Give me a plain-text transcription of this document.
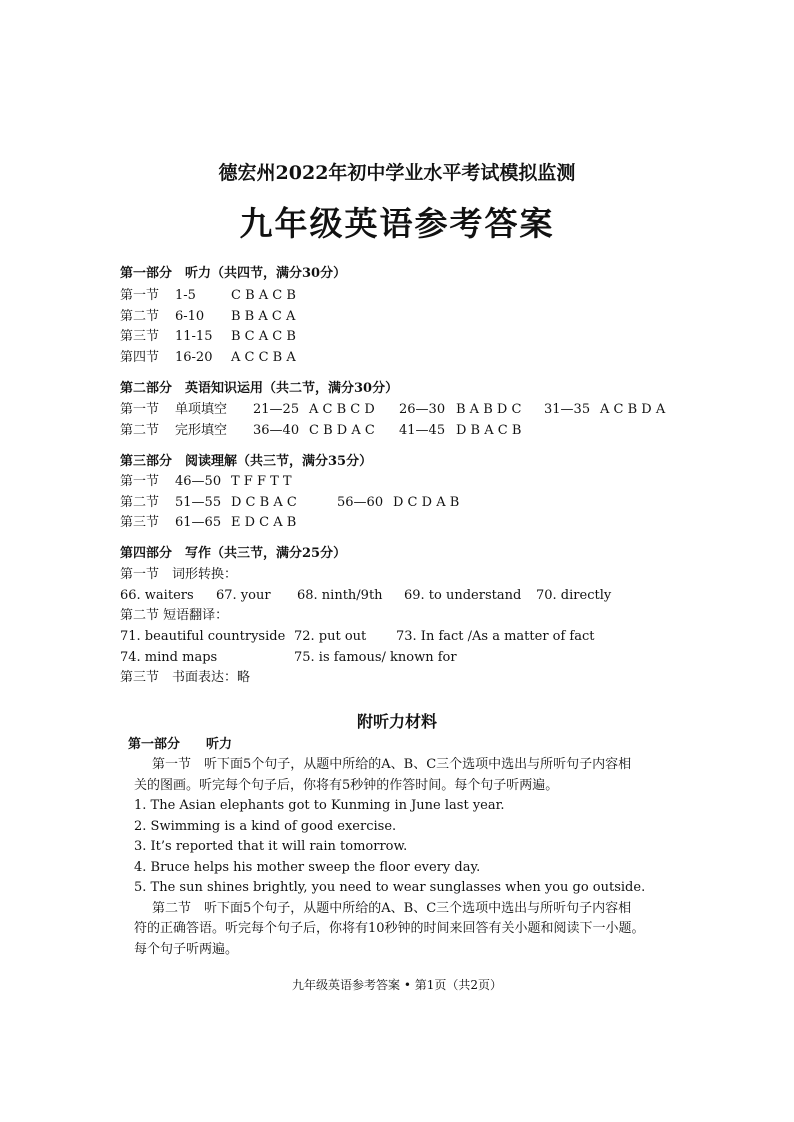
德宏州2022年初中学业水平考试模拟监测
九年级英语参考答案
第一部分　听力（共四节，满分30分）
第一节 1-5	C B A C B
第二节 6-10 B B A C A
第三节 11-15 B C A C B
第四节 16-20 A C C B A
第二部分　英语知识运用（共二节，满分30分）
第一节 单项填空 21—25 A C B C D 26—30 B A B D C 31—35 A C B D A
第二节 完形填空 36—40 C B D A C 41—45 D B A C B
第三部分　阅读理解（共三节，满分35分）
第一节 46—50 T F F T T
第二节 51—55 D C B A C	56—60 D C D A B
第三节 61—65 E D C A B
第四部分　写作（共三节，满分25分）
第一节　词形转换：
66. waiters 67. your 68. ninth/9th 69. to understand 70. directly
第二节 短语翻译：
71. beautiful countryside 72. put out 73. In fact /As a matter of fact
74. mind maps	75. is famous/ known for
第三节　书面表达：略
附听力材料
第一部分　　听力
第一节　听下面5个句子，从题中所给的A、B、C三个选项中选出与所听句子内容相
关的图画。听完每个句子后，你将有5秒钟的作答时间。每个句子听两遍。
1. The Asian elephants got to Kunming in June last year.
2. Swimming is a kind of good exercise.
3. It’s reported that it will rain tomorrow.
4. Bruce helps his mother sweep the floor every day.
5. The sun shines brightly, you need to wear sunglasses when you go outside.
第二节　听下面5个句子，从题中所给的A、B、C三个选项中选出与所听句子内容相
符的正确答语。听完每个句子后，你将有10秒钟的时间来回答有关小题和阅读下一小题。
每个句子听两遍。
九年级英语参考答案 • 第1页（共2页）
